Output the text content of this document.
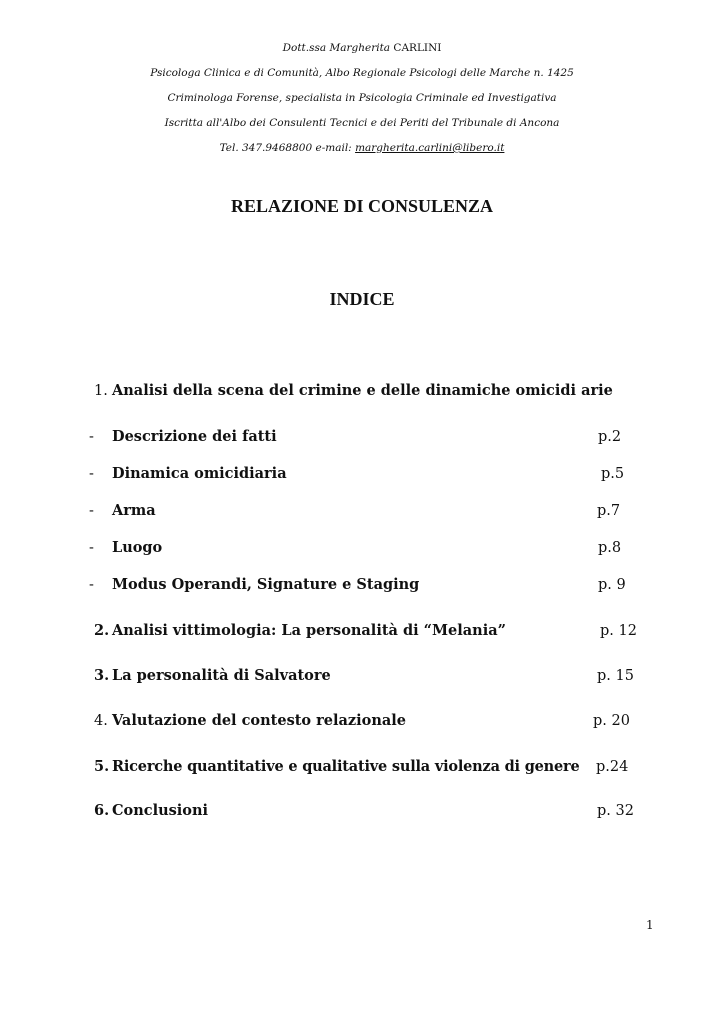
Dott.ssa Margherita CARLINI
Psicologa Clinica e di Comunità, Albo Regionale Psicologi delle Marche n. 1425
Criminologa Forense, specialista in Psicologia Criminale ed Investigativa
Iscritta all'Albo dei Consulenti Tecnici e dei Periti del Tribunale di Ancona
Tel. 347.9468800 e-mail: margherita.carlini@libero.it
RELAZIONE DI CONSULENZA
INDICE
1. Analisi della scena del crimine e delle dinamiche omicidi arie
- Descrizione dei fatti	p.2
- Dinamica omicidiaria	p.5
- Arma	p.7
- Luogo	p.8
- Modus Operandi, Signature e Staging	p. 9
2. Analisi vittimologia: La personalità di “Melania”	p. 12
3. La personalità di Salvatore	p. 15
4. Valutazione del contesto relazionale	p. 20
5. Ricerche quantitative e qualitative sulla violenza di genere p.24
6. Conclusioni	p. 32
1
